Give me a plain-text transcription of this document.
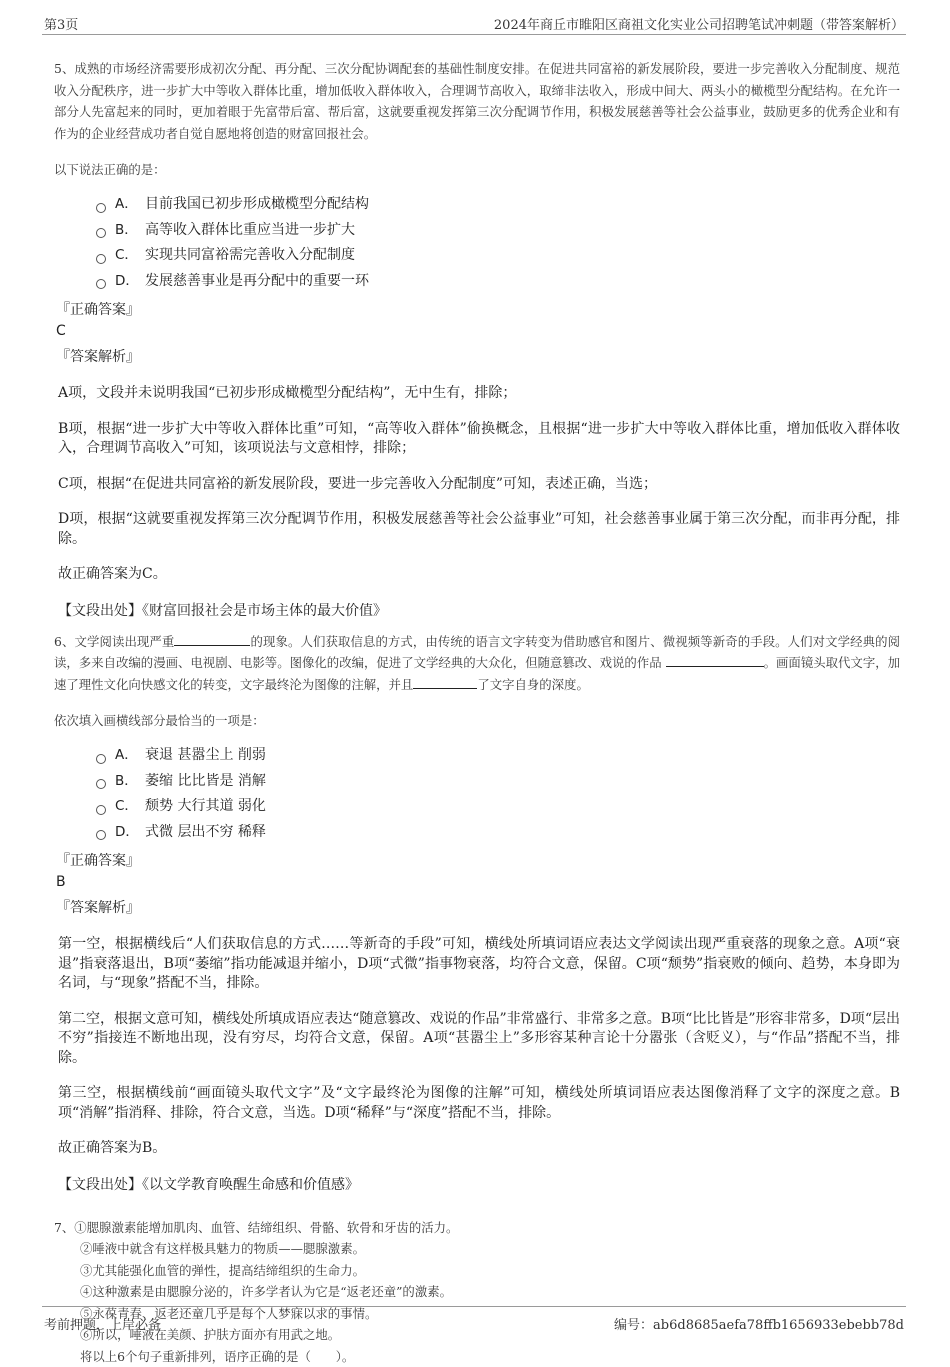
第3页	2024年商丘市睢阳区商祖文化实业公司招聘笔试冲刺题（带答案解析）

5、成熟的市场经济需要形成初次分配、再分配、三次分配协调配套的基础性制度安排。在促进共同富裕的新发展阶段，要进一步完善收入分配制度、规范收入分配秩序，进一步扩大中等收入群体比重，增加低收入群体收入，合理调节高收入，取缔非法收入，形成中间大、两头小的橄榄型分配结构。在允许一部分人先富起来的同时，更加着眼于先富带后富、帮后富，这就要重视发挥第三次分配调节作用，积极发展慈善等社会公益事业，鼓励更多的优秀企业和有作为的企业经营成功者自觉自愿地将创造的财富回报社会。

以下说法正确的是：

A． 目前我国已初步形成橄榄型分配结构
B． 高等收入群体比重应当进一步扩大
C． 实现共同富裕需完善收入分配制度
D． 发展慈善事业是再分配中的重要一环
『正确答案』
C
『答案解析』

A项，文段并未说明我国“已初步形成橄榄型分配结构”，无中生有，排除；

B项，根据“进一步扩大中等收入群体比重”可知，“高等收入群体”偷换概念，且根据“进一步扩大中等收入群体比重，增加低收入群体收入，合理调节高收入”可知，该项说法与文意相悖，排除；

C项，根据“在促进共同富裕的新发展阶段，要进一步完善收入分配制度”可知，表述正确，当选；

D项，根据“这就要重视发挥第三次分配调节作用，积极发展慈善等社会公益事业”可知，社会慈善事业属于第三次分配，而非再分配，排除。

故正确答案为C。

【文段出处】《财富回报社会是市场主体的最大价值》

6、文学阅读出现严重	的现象。人们获取信息的方式，由传统的语言文字转变为借助感官和图片、微视频等新奇的手段。人们对文学经典的阅读，多来自改编的漫画、电视剧、电影等。图像化的改编，促进了文学经典的大众化，但随意篡改、戏说的作品	。画面镜头取代文字，加速了理性文化向快感文化的转变，文字最终沦为图像的注解，并且	了文字自身的深度。

依次填入画横线部分最恰当的一项是：

A． 衰退 甚嚣尘上 削弱
B． 萎缩 比比皆是 消解
C． 颓势 大行其道 弱化
D． 式微 层出不穷 稀释
『正确答案』
B
『答案解析』

第一空，根据横线后“人们获取信息的方式……等新奇的手段”可知，横线处所填词语应表达文学阅读出现严重衰落的现象之意。A项“衰退”指衰落退出，B项“萎缩”指功能减退并缩小，D项“式微”指事物衰落，均符合文意，保留。C项“颓势”指衰败的倾向、趋势，本身即为名词，与“现象”搭配不当，排除。

第二空，根据文意可知，横线处所填成语应表达“随意篡改、戏说的作品”非常盛行、非常多之意。B项“比比皆是”形容非常多，D项“层出不穷”指接连不断地出现，没有穷尽，均符合文意，保留。A项“甚嚣尘上”多形容某种言论十分嚣张（含贬义），与“作品”搭配不当，排除。

第三空，根据横线前“画面镜头取代文字”及“文字最终沦为图像的注解”可知，横线处所填词语应表达图像消释了文字的深度之意。B项“消解”指消释、排除，符合文意，当选。D项“稀释”与“深度”搭配不当，排除。

故正确答案为B。

【文段出处】《以文学教育唤醒生命感和价值感》

7、①腮腺激素能增加肌肉、血管、结缔组织、骨骼、软骨和牙齿的活力。
②唾液中就含有这样极具魅力的物质——腮腺激素。
③尤其能强化血管的弹性，提高结缔组织的生命力。
④这种激素是由腮腺分泌的，许多学者认为它是“返老还童”的激素。
⑤永葆青春、返老还童几乎是每个人梦寐以求的事情。
⑥所以，唾液在美颜、护肤方面亦有用武之地。
将以上6个句子重新排列，语序正确的是（　　）。
考前押题，上岸必备	编号：ab6d8685aefa78ffb1656933ebebb78d
